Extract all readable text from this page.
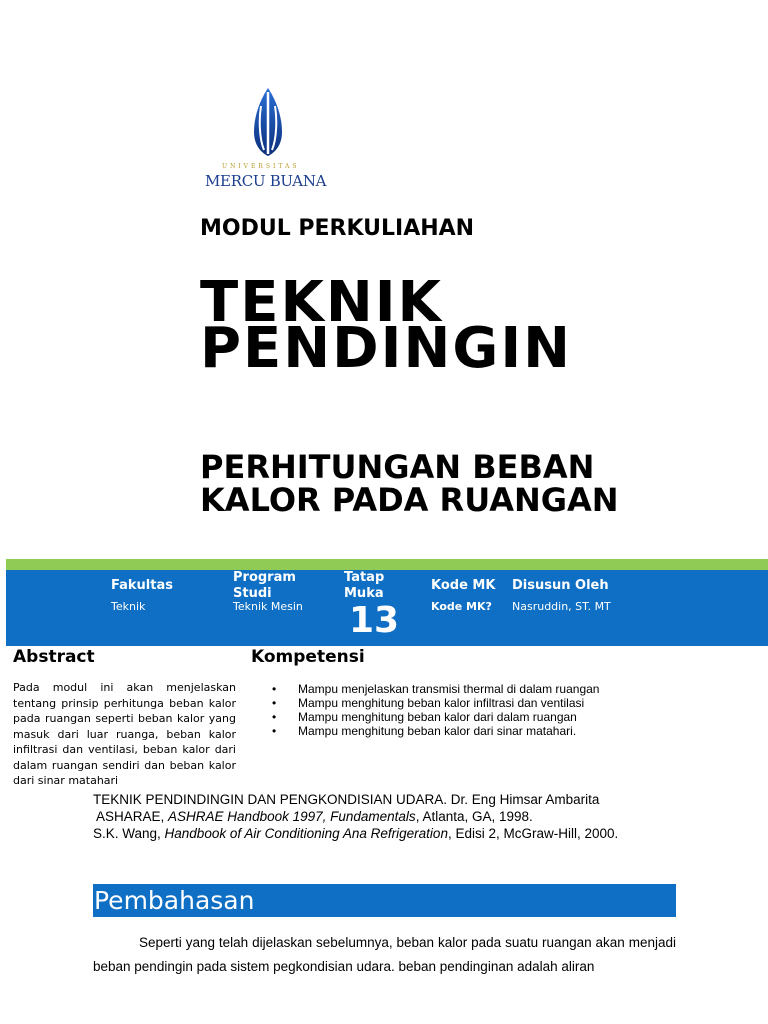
UNIVERSITAS
MERCU BUANA
MODUL PERKULIAHAN
TEKNIK
PENDINGIN
PERHITUNGAN BEBAN
KALOR PADA RUANGAN
Fakultas
Teknik
Program
Studi
Teknik Mesin
Tatap
Muka
13
Kode MK
Kode MK?
Disusun Oleh
Nasruddin, ST. MT
Abstract
Pada modul ini akan menjelaskan tentang prinsip perhitunga beban kalor pada ruangan seperti beban kalor yang masuk dari luar ruanga, beban kalor infiltrasi dan ventilasi, beban kalor dari dalam ruangan sendiri dan beban kalor dari sinar matahari
Kompetensi
• Mampu menjelaskan transmisi thermal di dalam ruangan
• Mampu menghitung beban kalor infiltrasi dan ventilasi
• Mampu menghitung beban kalor dari dalam ruangan
• Mampu menghitung beban kalor dari sinar matahari.
TEKNIK PENDINDINGIN DAN PENGKONDISIAN UDARA. Dr. Eng Himsar Ambarita
ASHARAE, ASHRAE Handbook 1997, Fundamentals, Atlanta, GA, 1998.
S.K. Wang, Handbook of Air Conditioning Ana Refrigeration, Edisi 2, McGraw-Hill, 2000.
Pembahasan
Seperti yang telah dijelaskan sebelumnya, beban kalor pada suatu ruangan akan menjadi beban pendingin pada sistem pegkondisian udara. beban pendinginan adalah aliran
